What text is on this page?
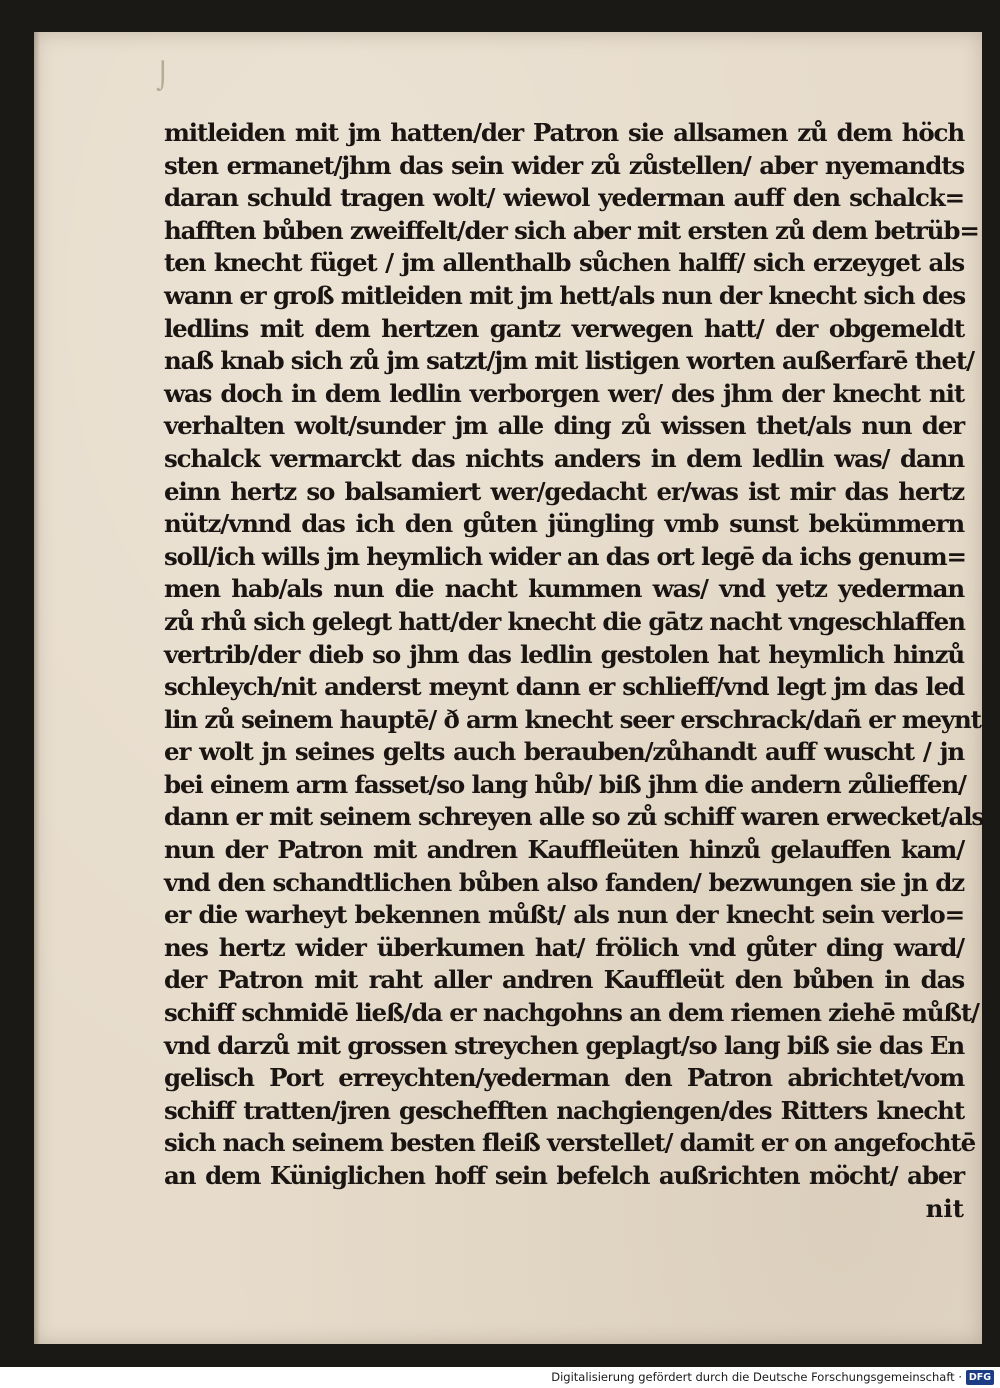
⌡
mitleiden mit jm hatten/der Patron sie allsamen zů dem höch
sten ermanet/jhm das sein wider zů zůstellen/ aber nyemandts
daran schuld tragen wolt/ wiewol yederman auff den schalck=
hafften bůben zweiffelt/der sich aber mit ersten zů dem betrüb=
ten knecht füget / jm allenthalb sůchen halff/ sich erzeyget als
wann er groß mitleiden mit jm hett/als nun der knecht sich des
ledlins mit dem hertzen gantz verwegen hatt/ der obgemeldt
naß knab sich zů jm satzt/jm mit listigen worten außerfarē thet/
was doch in dem ledlin verborgen wer/ des jhm der knecht nit
verhalten wolt/sunder jm alle ding zů wissen thet/als nun der
schalck vermarckt das nichts anders in dem ledlin was/ dann
einn hertz so balsamiert wer/gedacht er/was ist mir das hertz
nütz/vnnd das ich den gůten jüngling vmb sunst bekümmern
soll/ich wills jm heymlich wider an das ort legē da ichs genum=
men hab/als nun die nacht kummen was/ vnd yetz yederman
zů rhů sich gelegt hatt/der knecht die gātz nacht vngeschlaffen
vertrib/der dieb so jhm das ledlin gestolen hat heymlich hinzů
schleych/nit anderst meynt dann er schlieff/vnd legt jm das led
lin zů seinem hauptē/ ð arm knecht seer erschrack/dañ er meynt
er wolt jn seines gelts auch berauben/zůhandt auff wuscht / jn
bei einem arm fasset/so lang hůb/ biß jhm die andern zůlieffen/
dann er mit seinem schreyen alle so zů schiff waren erwecket/als
nun der Patron mit andren Kauffleüten hinzů gelauffen kam/
vnd den schandtlichen bůben also fanden/ bezwungen sie jn dz
er die warheyt bekennen můßt/ als nun der knecht sein verlo=
nes hertz wider überkumen hat/ frölich vnd gůter ding ward/
der Patron mit raht aller andren Kauffleüt den bůben in das
schiff schmidē ließ/da er nachgohns an dem riemen ziehē můßt/
vnd darzů mit grossen streychen geplagt/so lang biß sie das En
gelisch Port erreychten/yederman den Patron abrichtet/vom
schiff tratten/jren geschefften nachgiengen/des Ritters knecht
sich nach seinem besten fleiß verstellet/ damit er on angefochtē
an dem Küniglichen hoff sein befelch außrichten möcht/ aber
nit
Digitalisierung gefördert durch die Deutsche Forschungsgemeinschaft · DFG
